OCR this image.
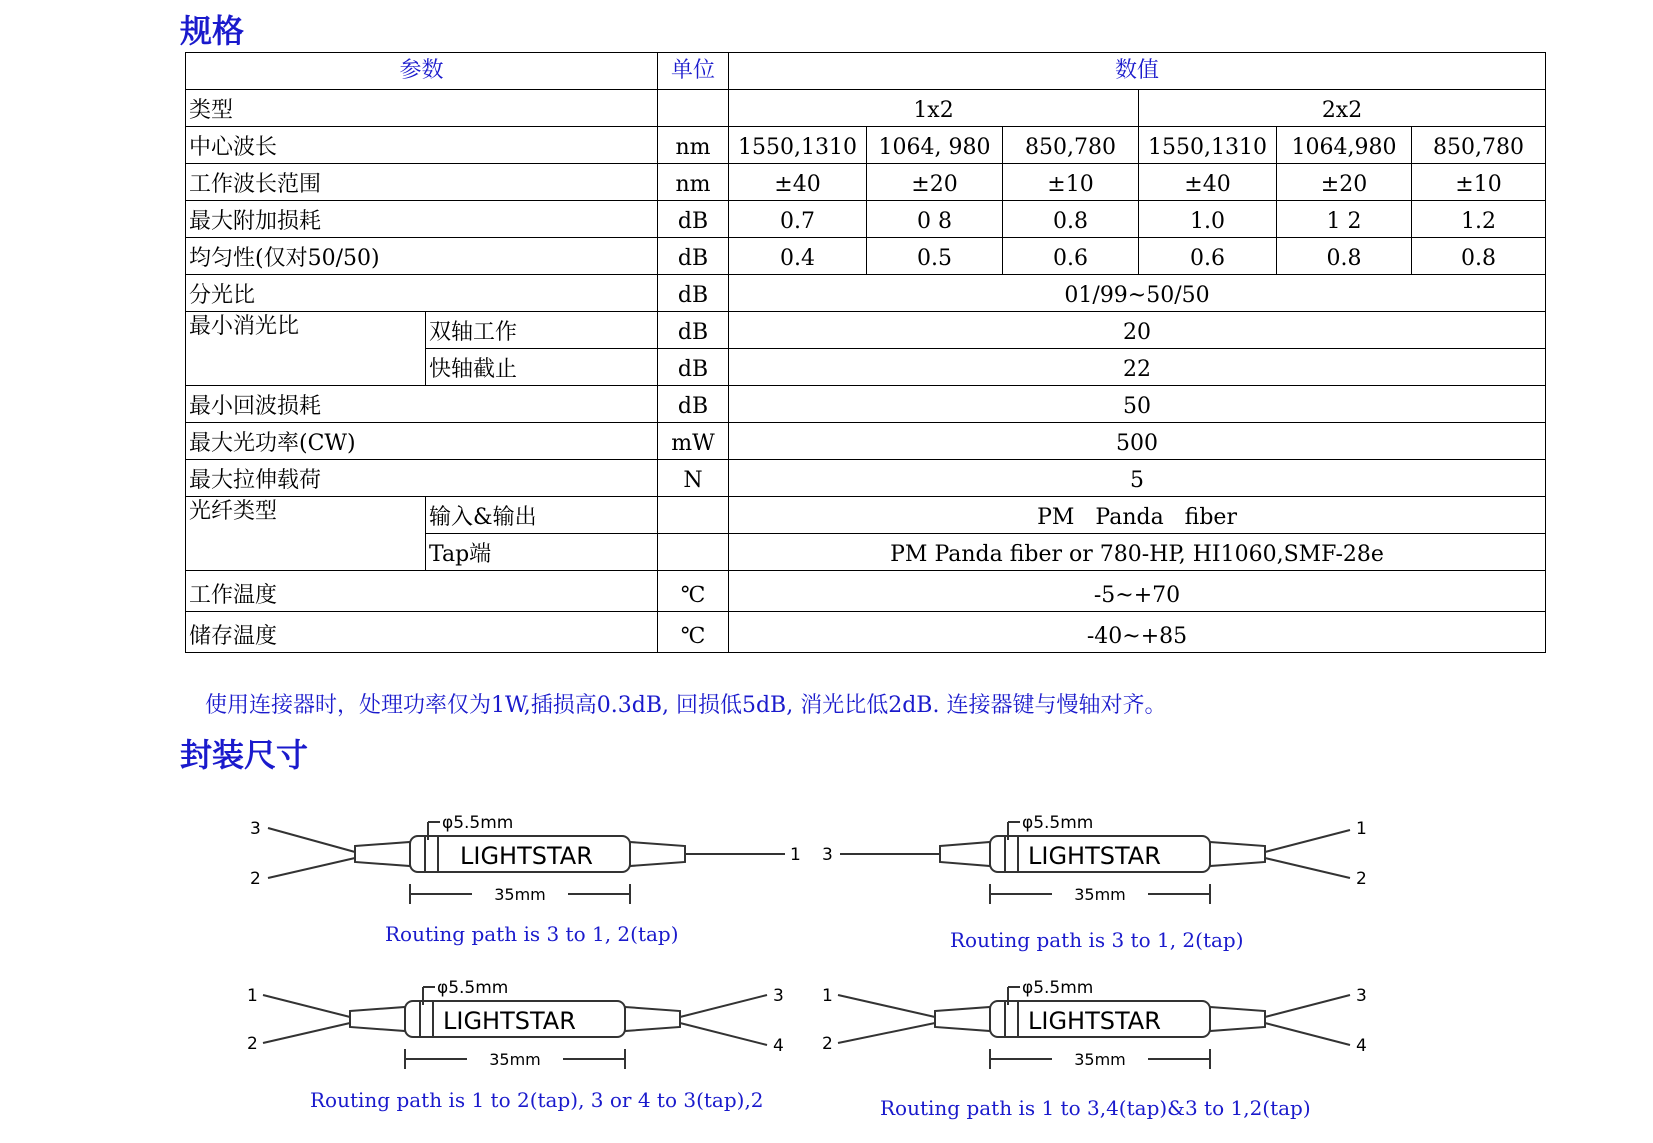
规格
参数		单位	数值					
类型			1x2			2x2		
中心波长		nm	1550,1310	1064, 980	850,780	1550,1310	1064,980	850,780
工作波长范围		nm	±40	±20	±10	±40	±20	±10
最大附加损耗		dB	0.7	0 8	0.8	1.0	1 2	1.2
均匀性(仅对50/50)		dB	0.4	0.5	0.6	0.6	0.8	0.8
分光比		dB	01/99~50/50					
最小消光比	双轴工作	dB	20					
	快轴截止	dB	22					
最小回波损耗		dB	50					
最大光功率(CW)		mW	500					
最大拉伸载荷		N	5					
光纤类型	输入&输出		PM   Panda   fiber					
	Tap端		PM Panda fiber or 780-HP, HI1060,SMF-28e					
工作温度		℃	-5~+70					
储存温度		℃	-40~+85					
使用连接器时，处理功率仅为1W,插损高0.3dB, 回损低5dB, 消光比低2dB. 连接器键与慢轴对齐。
封装尺寸
3
2
1
φ5.5mm
LIGHTSTAR
35mm
Routing path is 3 to 1, 2(tap)
3
1
2
φ5.5mm
LIGHTSTAR
35mm
Routing path is 3 to 1, 2(tap)
1
2
3
4
φ5.5mm
LIGHTSTAR
35mm
Routing path is 1 to 2(tap), 3 or 4 to 3(tap),2
1
2
3
4
φ5.5mm
LIGHTSTAR
35mm
Routing path is 1 to 3,4(tap)&3 to 1,2(tap)
